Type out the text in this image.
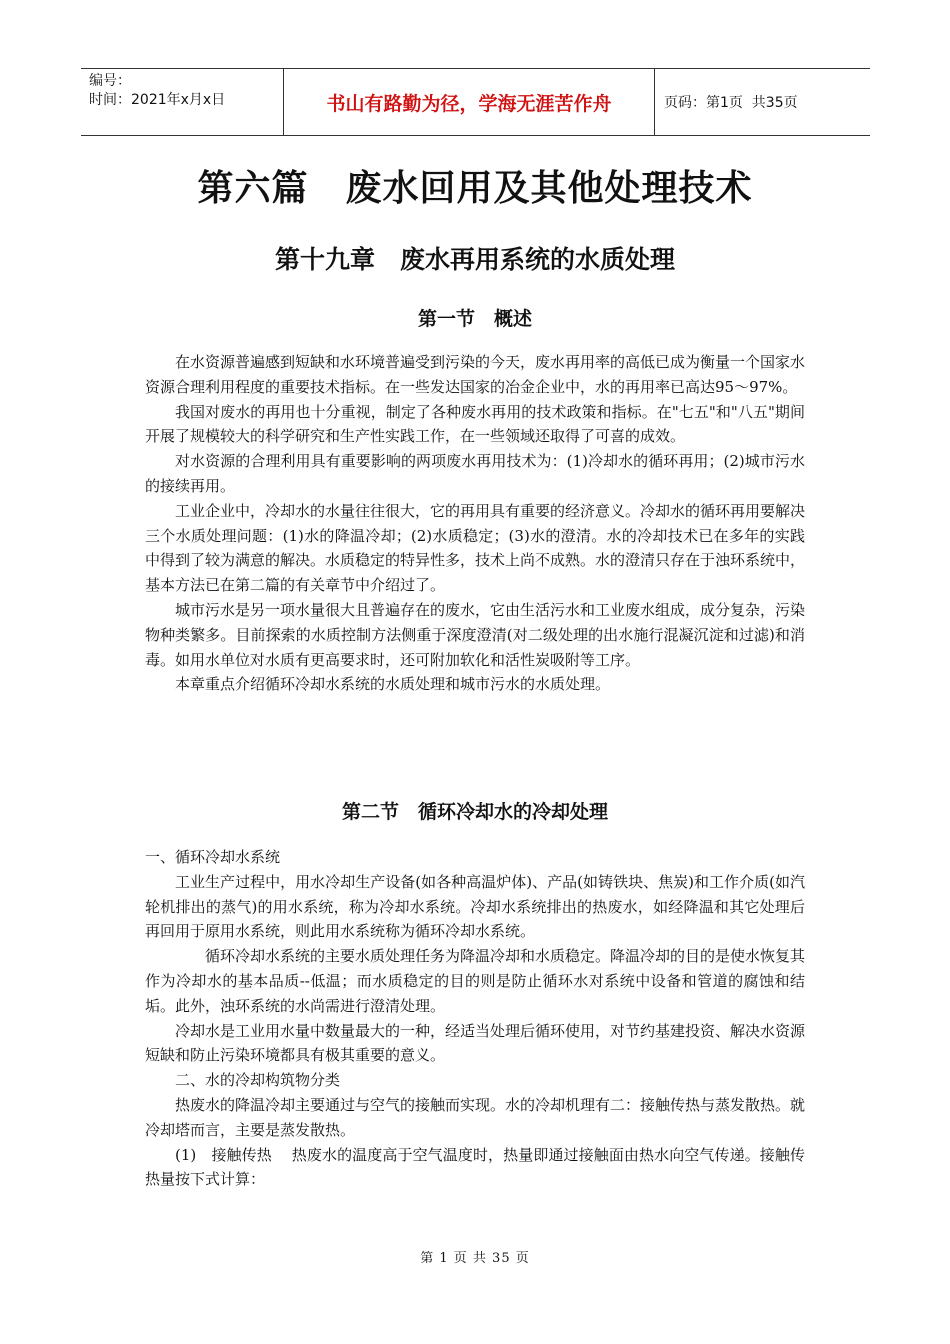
编号：
时间：2021年x月x日	书山有路勤为径，学海无涯苦作舟	页码：第1页  共35页
第六篇　废水回用及其他处理技术
第十九章　废水再用系统的水质处理
第一节　概述

在水资源普遍感到短缺和水环境普遍受到污染的今天，废水再用率的高低已成为衡量一个国家水资源合理利用程度的重要技术指标。在一些发达国家的冶金企业中，水的再用率已高达95～97%。

我国对废水的再用也十分重视，制定了各种废水再用的技术政策和指标。在"七五"和"八五"期间开展了规模较大的科学研究和生产性实践工作，在一些领域还取得了可喜的成效。

对水资源的合理利用具有重要影响的两项废水再用技术为：(1)冷却水的循环再用；(2)城市污水的接续再用。

工业企业中，冷却水的水量往往很大，它的再用具有重要的经济意义。冷却水的循环再用要解决三个水质处理问题：(1)水的降温冷却；(2)水质稳定；(3)水的澄清。水的冷却技术已在多年的实践中得到了较为满意的解决。水质稳定的特异性多，技术上尚不成熟。水的澄清只存在于浊环系统中，基本方法已在第二篇的有关章节中介绍过了。

城市污水是另一项水量很大且普遍存在的废水，它由生活污水和工业废水组成，成分复杂，污染物种类繁多。目前探索的水质控制方法侧重于深度澄清(对二级处理的出水施行混凝沉淀和过滤)和消毒。如用水单位对水质有更高要求时，还可附加软化和活性炭吸附等工序。

本章重点介绍循环冷却水系统的水质处理和城市污水的水质处理。

第二节　循环冷却水的冷却处理

一、循环冷却水系统

工业生产过程中，用水冷却生产设备(如各种高温炉体)、产品(如铸铁块、焦炭)和工作介质(如汽轮机排出的蒸气)的用水系统，称为冷却水系统。冷却水系统排出的热废水，如经降温和其它处理后再回用于原用水系统，则此用水系统称为循环冷却水系统。

循环冷却水系统的主要水质处理任务为降温冷却和水质稳定。降温冷却的目的是使水恢复其作为冷却水的基本品质--低温；而水质稳定的目的则是防止循环水对系统中设备和管道的腐蚀和结垢。此外，浊环系统的水尚需进行澄清处理。

冷却水是工业用水量中数量最大的一种，经适当处理后循环使用，对节约基建投资、解决水资源短缺和防止污染环境都具有极其重要的意义。

二、水的冷却构筑物分类

热废水的降温冷却主要通过与空气的接触而实现。水的冷却机理有二：接触传热与蒸发散热。就冷却塔而言，主要是蒸发散热。

(1)　接触传热　 热废水的温度高于空气温度时，热量即通过接触面由热水向空气传递。接触传热量按下式计算：

第 1 页 共 35 页
